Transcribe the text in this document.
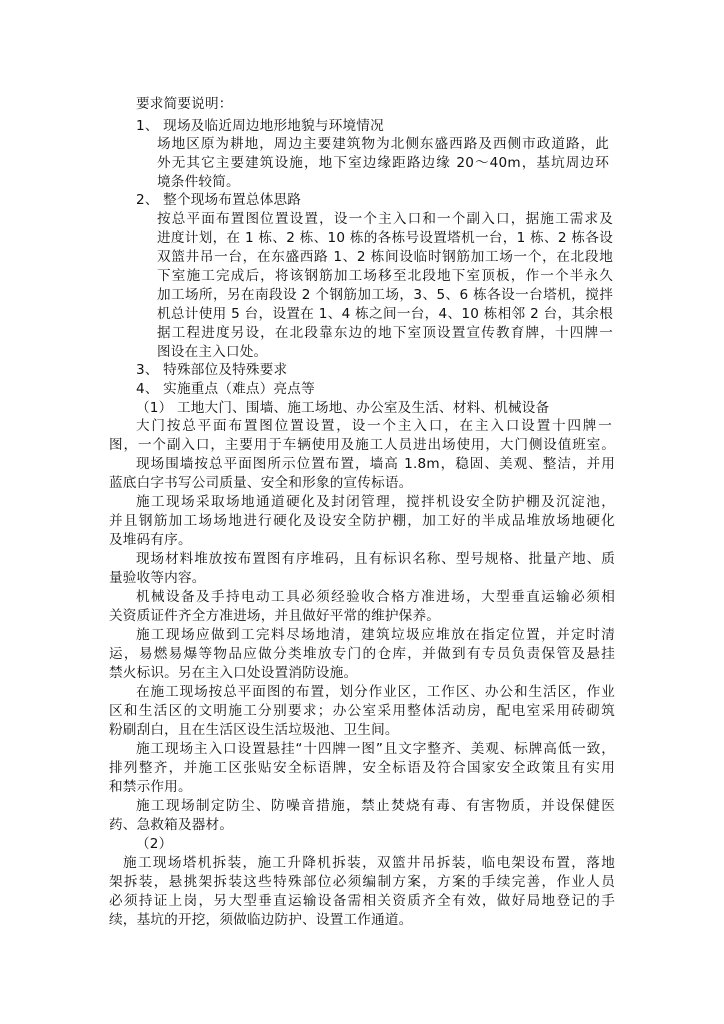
要求简要说明：
1、 现场及临近周边地形地貌与环境情况
场地区原为耕地，周边主要建筑物为北侧东盛西路及西侧市政道路，此
外无其它主要建筑设施，地下室边缘距路边缘 20～40m，基坑周边环
境条件较简。
2、 整个现场布置总体思路
按总平面布置图位置设置，设一个主入口和一个副入口，据施工需求及
进度计划，在 1 栋、2 栋、10 栋的各栋号设置塔机一台，1 栋、2 栋各设
双篮井吊一台，在东盛西路 1、2 栋间设临时钢筋加工场一个，在北段地
下室施工完成后，将该钢筋加工场移至北段地下室顶板，作一个半永久
加工场所，另在南段设 2 个钢筋加工场，3、5、6 栋各设一台塔机，搅拌
机总计使用 5 台，设置在 1、4 栋之间一台，4、10 栋相邻 2 台，其余根
据工程进度另设，在北段靠东边的地下室顶设置宣传教育牌，十四牌一
图设在主入口处。
3、 特殊部位及特殊要求
4、 实施重点（难点）亮点等
（1） 工地大门、围墙、施工场地、办公室及生活、材料、机械设备
大门按总平面布置图位置设置，设一个主入口，在主入口设置十四牌一
图，一个副入口，主要用于车辆使用及施工人员进出场使用，大门侧设值班室。
现场围墙按总平面图所示位置布置，墙高 1.8m，稳固、美观、整洁，并用
蓝底白字书写公司质量、安全和形象的宣传标语。
施工现场采取场地通道硬化及封闭管理，搅拌机设安全防护棚及沉淀池，
并且钢筋加工场场地进行硬化及设安全防护棚，加工好的半成品堆放场地硬化
及堆码有序。
现场材料堆放按布置图有序堆码，且有标识名称、型号规格、批量产地、质
量验收等内容。
机械设备及手持电动工具必须经验收合格方准进场，大型垂直运输必须相
关资质证件齐全方准进场，并且做好平常的维护保养。
施工现场应做到工完料尽场地清，建筑垃圾应堆放在指定位置，并定时清
运，易燃易爆等物品应做分类堆放专门的仓库，并做到有专员负责保管及悬挂
禁火标识。另在主入口处设置消防设施。
在施工现场按总平面图的布置，划分作业区，工作区、办公和生活区，作业
区和生活区的文明施工分别要求；办公室采用整体活动房，配电室采用砖砌筑
粉刷刮白，且在生活区设生活垃圾池、卫生间。
施工现场主入口设置悬挂“十四牌一图”且文字整齐、美观、标牌高低一致，
排列整齐，并施工区张贴安全标语牌，安全标语及符合国家安全政策且有实用
和禁示作用。
施工现场制定防尘、防噪音措施，禁止焚烧有毒、有害物质，并设保健医
药、急救箱及器材。
（2）
施工现场塔机拆装，施工升降机拆装，双篮井吊拆装，临电架设布置，落地
架拆装，悬挑架拆装这些特殊部位必须编制方案，方案的手续完善，作业人员
必须持证上岗，另大型垂直运输设备需相关资质齐全有效，做好局地登记的手
续，基坑的开挖，须做临边防护、设置工作通道。
